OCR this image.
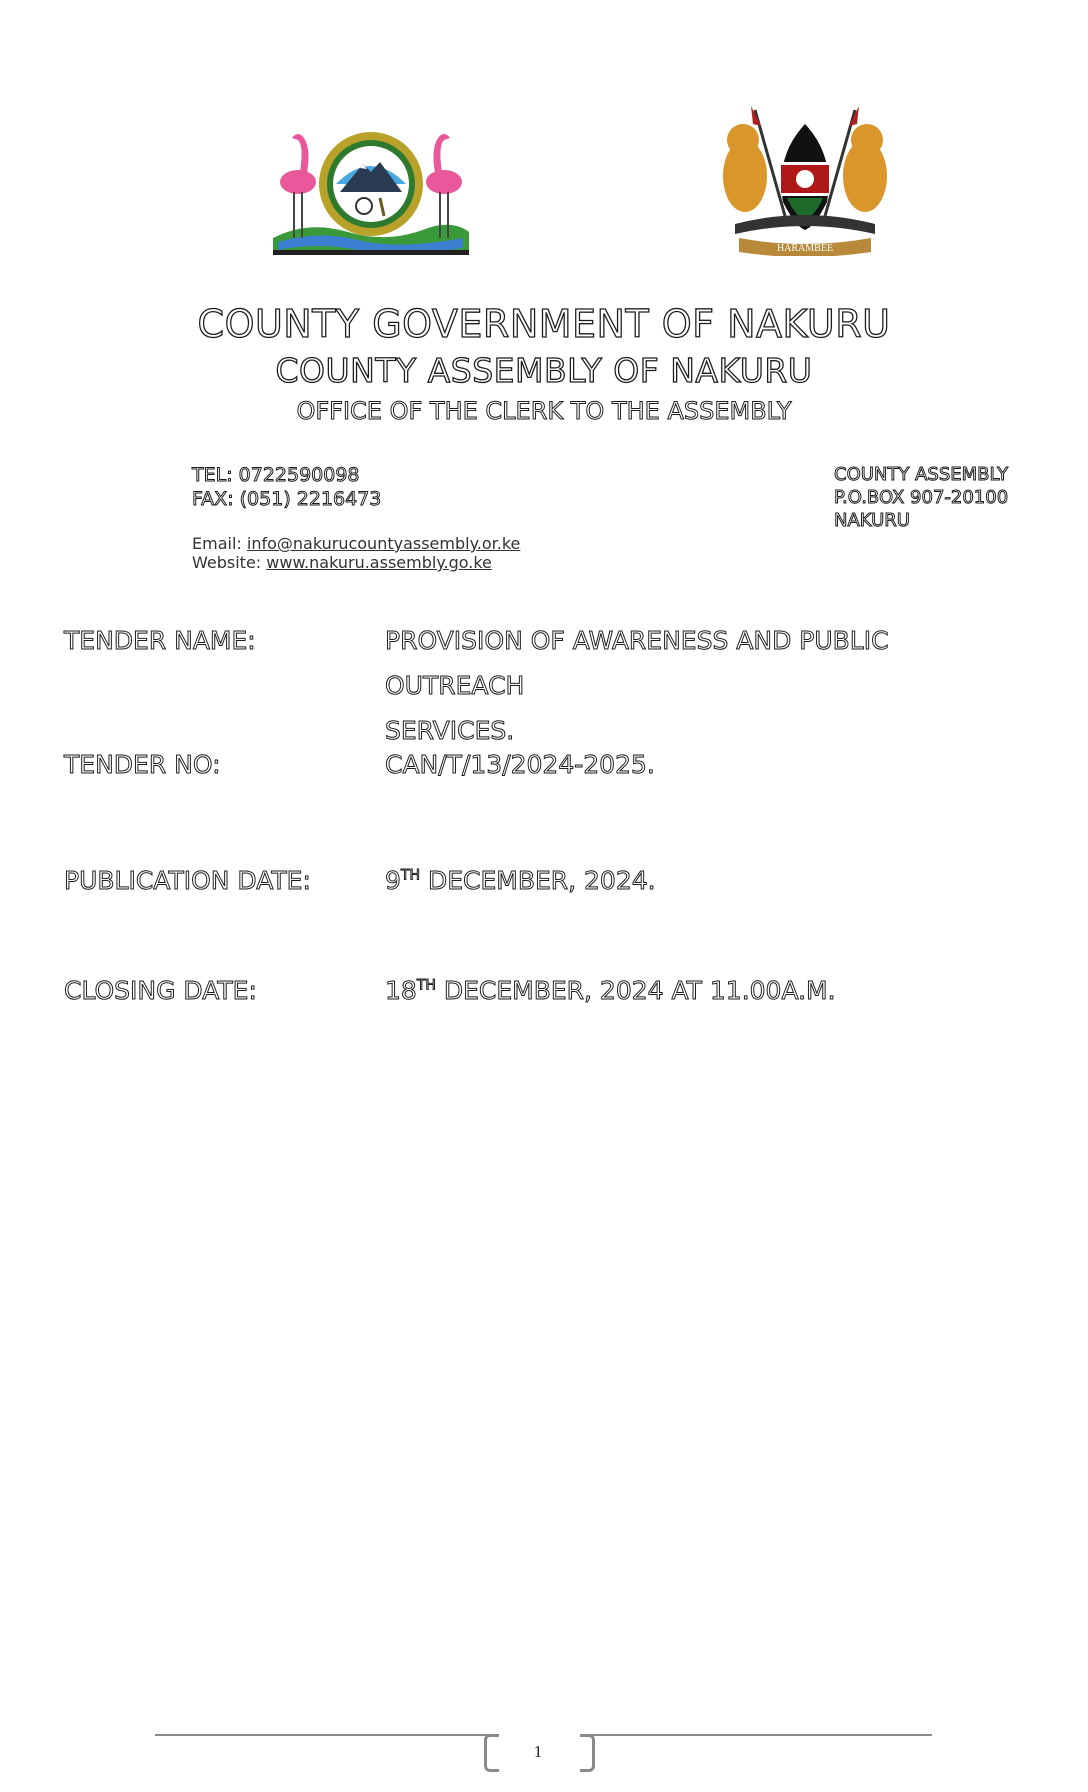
HARAMBEE
COUNTY GOVERNMENT OF NAKURU
COUNTY ASSEMBLY OF NAKURU
OFFICE OF THE CLERK TO THE ASSEMBLY
TEL: 0722590098
FAX: (051) 2216473
Email: info@nakurucountyassembly.or.ke
Website: www.nakuru.assembly.go.ke
COUNTY ASSEMBLY
P.O.BOX 907-20100
NAKURU
TENDER NAME:	PROVISION OF AWARENESS AND PUBLIC OUTREACH
SERVICES.
TENDER NO:	CAN/T/13/2024-2025.
PUBLICATION DATE:	9TH DECEMBER, 2024.
CLOSING DATE:	18TH DECEMBER, 2024 AT 11.00A.M.
1
